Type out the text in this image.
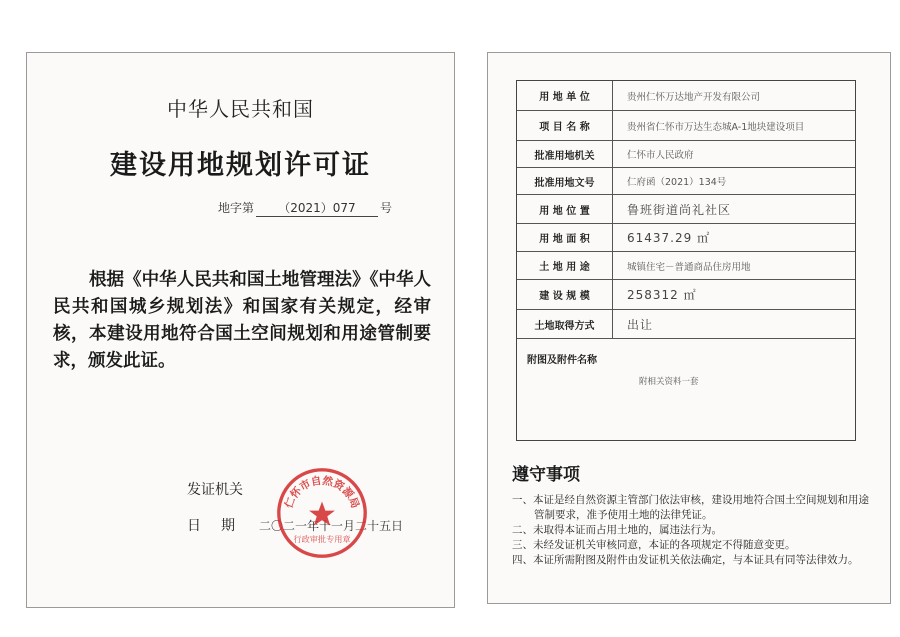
中华人民共和国
建设用地规划许可证
地字第	（2021）077	号
根据《中华人民共和国土地管理法》《中华人民共和国城乡规划法》和国家有关规定，经审核，本建设用地符合国土空间规划和用途管制要求，颁发此证。
发证机关
日期 二〇二一年十一月二十五日
仁怀市自然资源局
行政审批专用章
用 地 单 位	贵州仁怀万达地产开发有限公司
项 目 名 称	贵州省仁怀市万达生态城A-1地块建设项目
批准用地机关	仁怀市人民政府
批准用地文号	仁府函（2021）134号
用 地 位 置	鲁班街道尚礼社区
用 地 面 积	61437.29 ㎡
土 地 用 途	城镇住宅－普通商品住房用地
建 设 规 模	258312 ㎡
土地取得方式	出让
附图及附件名称
附相关资料一套
遵守事项
一、本证是经自然资源主管部门依法审核，建设用地符合国土空间规划和用途管制要求，准予使用土地的法律凭证。
二、未取得本证而占用土地的，属违法行为。
三、未经发证机关审核同意，本证的各项规定不得随意变更。
四、本证所需附图及附件由发证机关依法确定，与本证具有同等法律效力。
